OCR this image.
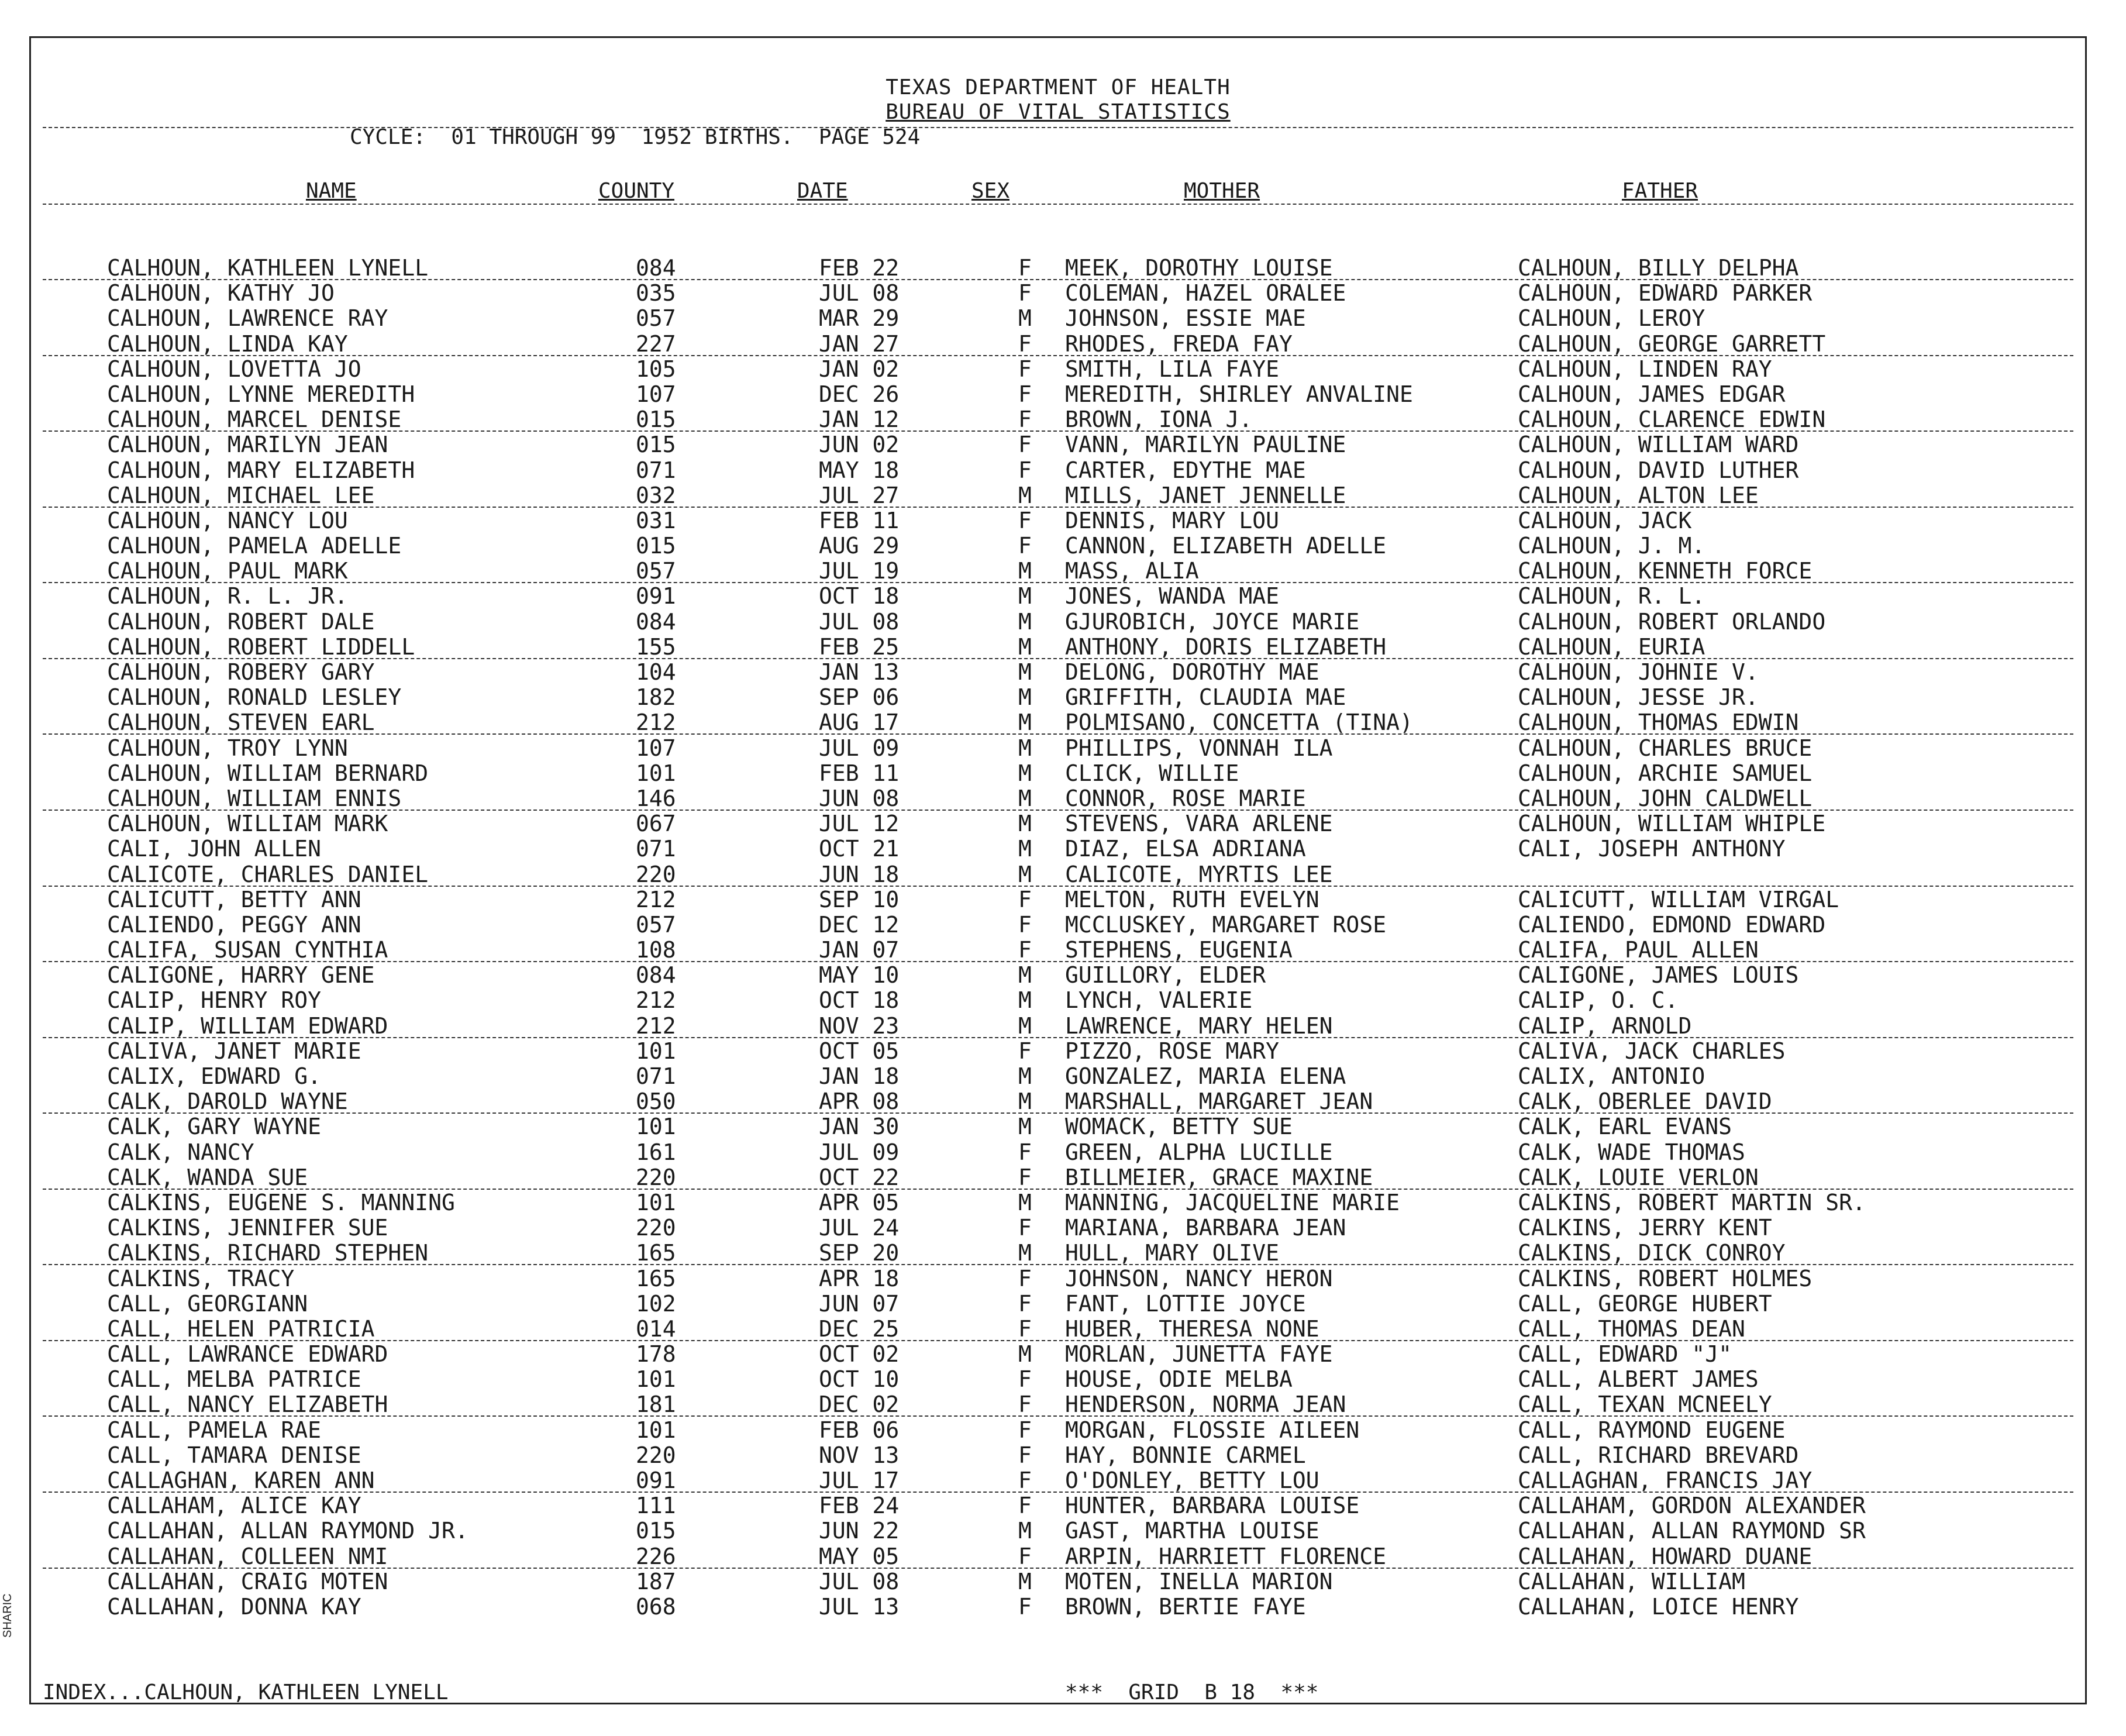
TEXAS DEPARTMENT OF HEALTH
BUREAU OF VITAL STATISTICS
CYCLE:  01 THROUGH 99  1952 BIRTHS.  PAGE 524
NAME	COUNTY	DATE	SEX	MOTHER	FATHER
CALHOUN, KATHLEEN LYNELL	084	FEB 22	F MEEK, DOROTHY LOUISE	CALHOUN, BILLY DELPHA
CALHOUN, KATHY JO	035	JUL 08	F COLEMAN, HAZEL ORALEE	CALHOUN, EDWARD PARKER
CALHOUN, LAWRENCE RAY	057	MAR 29	M JOHNSON, ESSIE MAE	CALHOUN, LEROY
CALHOUN, LINDA KAY	227	JAN 27	F RHODES, FREDA FAY	CALHOUN, GEORGE GARRETT
CALHOUN, LOVETTA JO	105	JAN 02	F SMITH, LILA FAYE	CALHOUN, LINDEN RAY
CALHOUN, LYNNE MEREDITH	107	DEC 26	F MEREDITH, SHIRLEY ANVALINE	CALHOUN, JAMES EDGAR
CALHOUN, MARCEL DENISE	015	JAN 12	F BROWN, IONA J.	CALHOUN, CLARENCE EDWIN
CALHOUN, MARILYN JEAN	015	JUN 02	F VANN, MARILYN PAULINE	CALHOUN, WILLIAM WARD
CALHOUN, MARY ELIZABETH	071	MAY 18	F CARTER, EDYTHE MAE	CALHOUN, DAVID LUTHER
CALHOUN, MICHAEL LEE	032	JUL 27	M MILLS, JANET JENNELLE	CALHOUN, ALTON LEE
CALHOUN, NANCY LOU	031	FEB 11	F DENNIS, MARY LOU	CALHOUN, JACK
CALHOUN, PAMELA ADELLE	015	AUG 29	F CANNON, ELIZABETH ADELLE	CALHOUN, J. M.
CALHOUN, PAUL MARK	057	JUL 19	M MASS, ALIA	CALHOUN, KENNETH FORCE
CALHOUN, R. L. JR.	091	OCT 18	M JONES, WANDA MAE	CALHOUN, R. L.
CALHOUN, ROBERT DALE	084	JUL 08	M GJUROBICH, JOYCE MARIE	CALHOUN, ROBERT ORLANDO
CALHOUN, ROBERT LIDDELL	155	FEB 25	M ANTHONY, DORIS ELIZABETH	CALHOUN, EURIA
CALHOUN, ROBERY GARY	104	JAN 13	M DELONG, DOROTHY MAE	CALHOUN, JOHNIE V.
CALHOUN, RONALD LESLEY	182	SEP 06	M GRIFFITH, CLAUDIA MAE	CALHOUN, JESSE JR.
CALHOUN, STEVEN EARL	212	AUG 17	M POLMISANO, CONCETTA (TINA)	CALHOUN, THOMAS EDWIN
CALHOUN, TROY LYNN	107	JUL 09	M PHILLIPS, VONNAH ILA	CALHOUN, CHARLES BRUCE
CALHOUN, WILLIAM BERNARD	101	FEB 11	M CLICK, WILLIE	CALHOUN, ARCHIE SAMUEL
CALHOUN, WILLIAM ENNIS	146	JUN 08	M CONNOR, ROSE MARIE	CALHOUN, JOHN CALDWELL
CALHOUN, WILLIAM MARK	067	JUL 12	M STEVENS, VARA ARLENE	CALHOUN, WILLIAM WHIPLE
CALI, JOHN ALLEN	071	OCT 21	M DIAZ, ELSA ADRIANA	CALI, JOSEPH ANTHONY
CALICOTE, CHARLES DANIEL	220	JUN 18	M CALICOTE, MYRTIS LEE
CALICUTT, BETTY ANN	212	SEP 10	F MELTON, RUTH EVELYN	CALICUTT, WILLIAM VIRGAL
CALIENDO, PEGGY ANN	057	DEC 12	F MCCLUSKEY, MARGARET ROSE	CALIENDO, EDMOND EDWARD
CALIFA, SUSAN CYNTHIA	108	JAN 07	F STEPHENS, EUGENIA	CALIFA, PAUL ALLEN
CALIGONE, HARRY GENE	084	MAY 10	M GUILLORY, ELDER	CALIGONE, JAMES LOUIS
CALIP, HENRY ROY	212	OCT 18	M LYNCH, VALERIE	CALIP, O. C.
CALIP, WILLIAM EDWARD	212	NOV 23	M LAWRENCE, MARY HELEN	CALIP, ARNOLD
CALIVA, JANET MARIE	101	OCT 05	F PIZZO, ROSE MARY	CALIVA, JACK CHARLES
CALIX, EDWARD G.	071	JAN 18	M GONZALEZ, MARIA ELENA	CALIX, ANTONIO
CALK, DAROLD WAYNE	050	APR 08	M MARSHALL, MARGARET JEAN	CALK, OBERLEE DAVID
CALK, GARY WAYNE	101	JAN 30	M WOMACK, BETTY SUE	CALK, EARL EVANS
CALK, NANCY	161	JUL 09	F GREEN, ALPHA LUCILLE	CALK, WADE THOMAS
CALK, WANDA SUE	220	OCT 22	F BILLMEIER, GRACE MAXINE	CALK, LOUIE VERLON
CALKINS, EUGENE S. MANNING	101	APR 05	M MANNING, JACQUELINE MARIE	CALKINS, ROBERT MARTIN SR.
CALKINS, JENNIFER SUE	220	JUL 24	F MARIANA, BARBARA JEAN	CALKINS, JERRY KENT
CALKINS, RICHARD STEPHEN	165	SEP 20	M HULL, MARY OLIVE	CALKINS, DICK CONROY
CALKINS, TRACY	165	APR 18	F JOHNSON, NANCY HERON	CALKINS, ROBERT HOLMES
CALL, GEORGIANN	102	JUN 07	F FANT, LOTTIE JOYCE	CALL, GEORGE HUBERT
CALL, HELEN PATRICIA	014	DEC 25	F HUBER, THERESA NONE	CALL, THOMAS DEAN
CALL, LAWRANCE EDWARD	178	OCT 02	M MORLAN, JUNETTA FAYE	CALL, EDWARD "J"
CALL, MELBA PATRICE	101	OCT 10	F HOUSE, ODIE MELBA	CALL, ALBERT JAMES
CALL, NANCY ELIZABETH	181	DEC 02	F HENDERSON, NORMA JEAN	CALL, TEXAN MCNEELY
CALL, PAMELA RAE	101	FEB 06	F MORGAN, FLOSSIE AILEEN	CALL, RAYMOND EUGENE
CALL, TAMARA DENISE	220	NOV 13	F HAY, BONNIE CARMEL	CALL, RICHARD BREVARD
CALLAGHAN, KAREN ANN	091	JUL 17	F O'DONLEY, BETTY LOU	CALLAGHAN, FRANCIS JAY
CALLAHAM, ALICE KAY	111	FEB 24	F HUNTER, BARBARA LOUISE	CALLAHAM, GORDON ALEXANDER
CALLAHAN, ALLAN RAYMOND JR.	015	JUN 22	M GAST, MARTHA LOUISE	CALLAHAN, ALLAN RAYMOND SR
CALLAHAN, COLLEEN NMI	226	MAY 05	F ARPIN, HARRIETT FLORENCE	CALLAHAN, HOWARD DUANE
CALLAHAN, CRAIG MOTEN	187	JUL 08	M MOTEN, INELLA MARION	CALLAHAN, WILLIAM
CALLAHAN, DONNA KAY	068	JUL 13	F BROWN, BERTIE FAYE	CALLAHAN, LOICE HENRY
INDEX...CALHOUN, KATHLEEN LYNELL	***  GRID  B 18  ***
SHARIC
